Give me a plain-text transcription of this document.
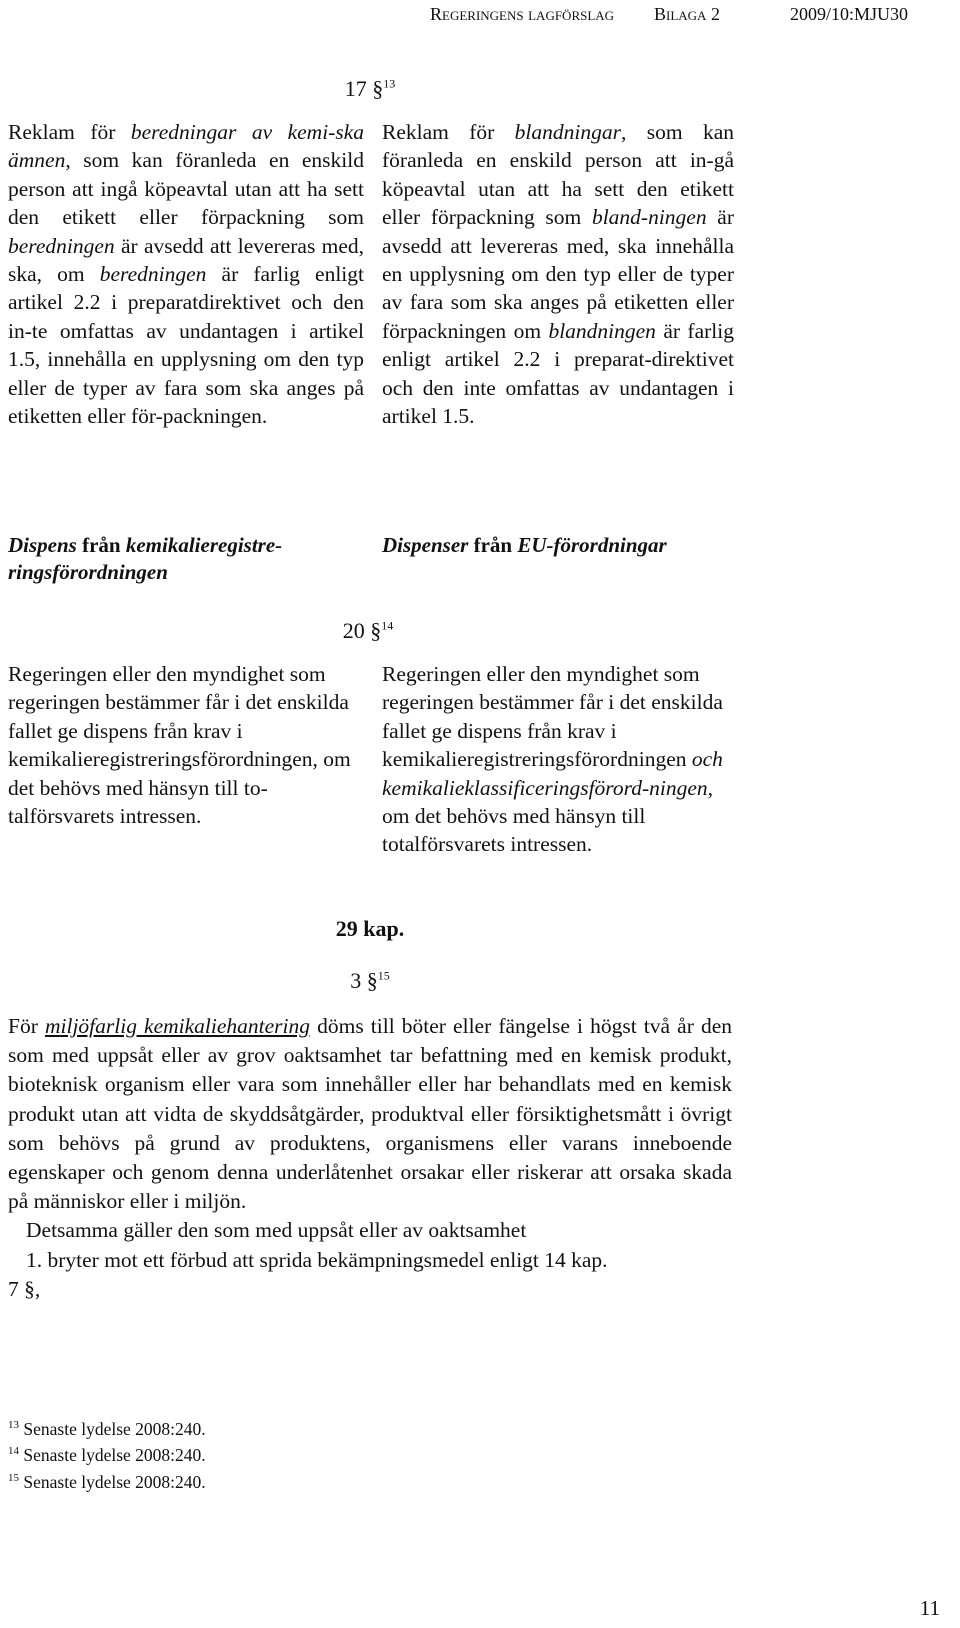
Regeringens lagförslag Bilaga 2	2009/10:MJU30
17 §$^{13}$

Reklam för beredningar av kemi-ska ämnen, som kan föranleda en enskild person att ingå köpeavtal utan att ha sett den etikett eller förpackning som beredningen är avsedd att levereras med, ska, om beredningen är farlig enligt artikel 2.2 i preparatdirektivet och den in-te omfattas av undantagen i artikel 1.5, innehålla en upplysning om den typ eller de typer av fara som ska anges på etiketten eller för-packningen.

Reklam för blandningar, som kan föranleda en enskild person att in-gå köpeavtal utan att ha sett den etikett eller förpackning som bland-ningen är avsedd att levereras med, ska innehålla en upplysning om den typ eller de typer av fara som ska anges på etiketten eller förpackningen om blandningen är farlig enligt artikel 2.2 i preparat-direktivet och den inte omfattas av undantagen i artikel 1.5.

Dispens från kemikalieregistre-ringsförordningen
Dispenser från EU-förordningar
20 §$^{14}$

Regeringen eller den myndighet som regeringen bestämmer får i det enskilda fallet ge dispens från krav i kemikalieregistreringsförordningen, om det behövs med hänsyn till to-talförsvarets intressen.

Regeringen eller den myndighet som regeringen bestämmer får i det enskilda fallet ge dispens från krav i kemikalieregistreringsförordningen och kemikalieklassificeringsförord-ningen, om det behövs med hänsyn till totalförsvarets intressen.

29 kap.
3 §$^{15}$

För miljöfarlig kemikaliehantering döms till böter eller fängelse i högst två år den som med uppsåt eller av grov oaktsamhet tar befattning med en kemisk produkt, bioteknisk organism eller vara som innehåller eller har behandlats med en kemisk produkt utan att vidta de skyddsåtgärder, produktval eller försiktighetsmått i övrigt som behövs på grund av produktens, organismens eller varans inneboende egenskaper och genom denna underlåtenhet orsakar eller riskerar att orsaka skada på människor eller i miljön.

Detsamma gäller den som med uppsåt eller av oaktsamhet

1. bryter mot ett förbud att sprida bekämpningsmedel enligt 14 kap.

7 §,

$^{13}$ Senaste lydelse 2008:240.
$^{14}$ Senaste lydelse 2008:240.
$^{15}$ Senaste lydelse 2008:240.
11
